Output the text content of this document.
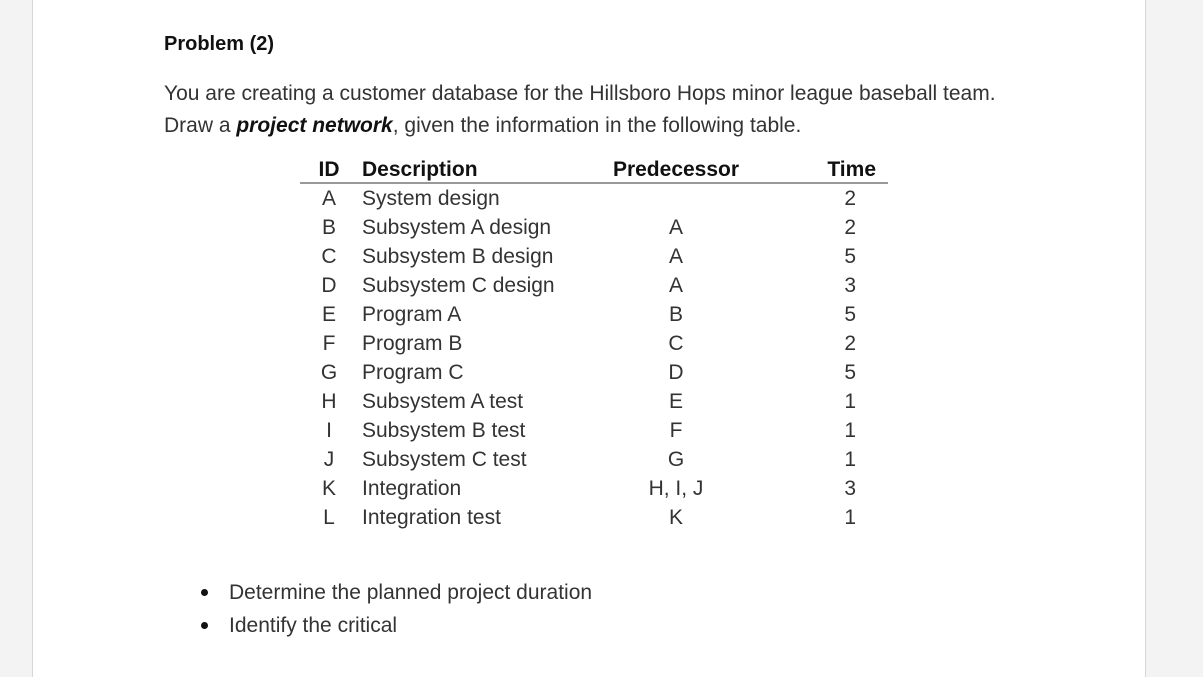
Problem (2)
You are creating a customer database for the Hillsboro Hops minor league baseball team.
Draw a project network, given the information in the following table.
ID	Description	Predecessor	Time
A	System design		2
B	Subsystem A design	A	2
C	Subsystem B design	A	5
D	Subsystem C design	A	3
E	Program A	B	5
F	Program B	C	2
G	Program C	D	5
H	Subsystem A test	E	1
I	Subsystem B test	F	1
J	Subsystem C test	G	1
K	Integration	H, I, J	3
L	Integration test	K	1
Determine the planned project duration
Identify the critical
